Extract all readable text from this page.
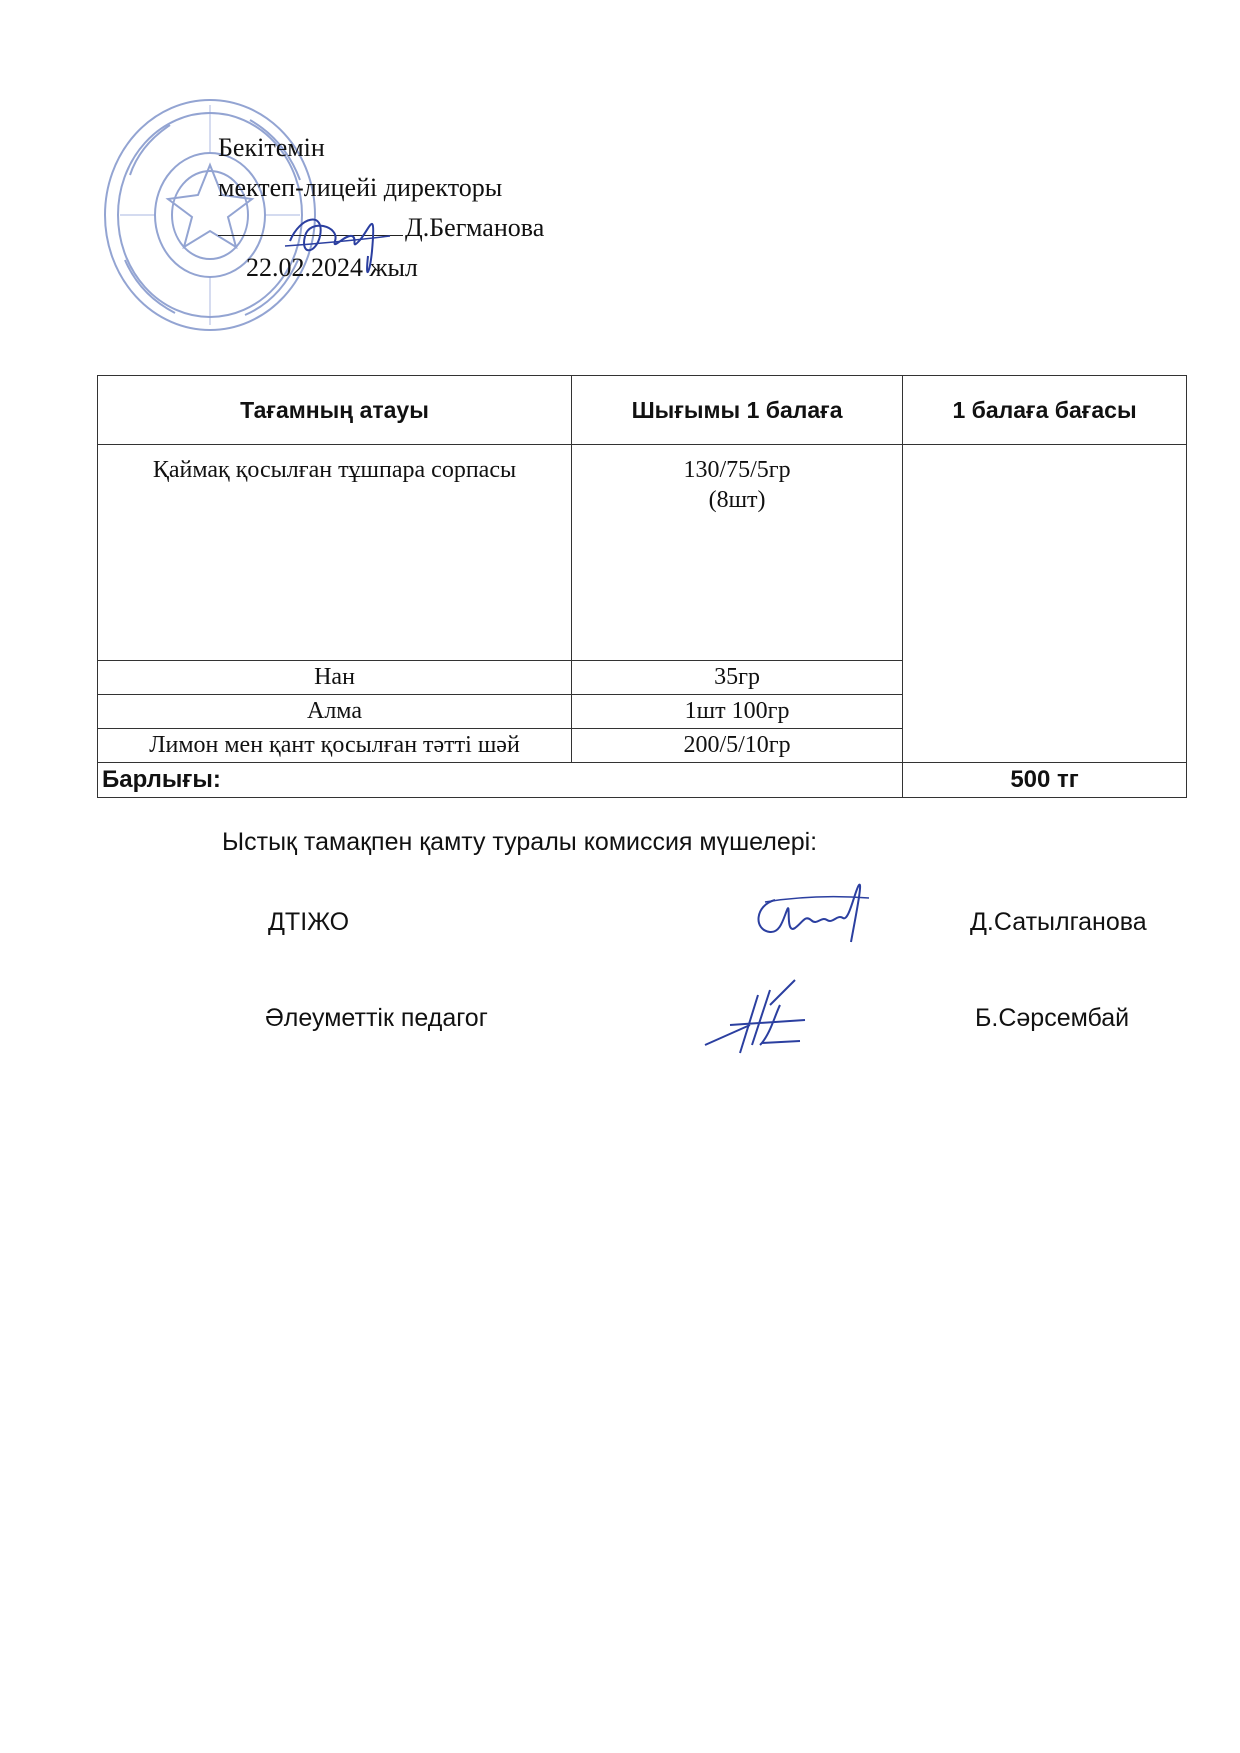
Бекітемін
мектеп-лицейі директоры
Д.Бегманова
22.02.2024 жыл
Тағамның атауы	Шығымы 1 балаға	1 балаға бағасы
Қаймақ қосылған тұшпара сорпасы	130/75/5гр
(8шт)	

Нан	35гр	
Алма	1шт 100гр	
Лимон мен қант қосылған тәтті шәй	200/5/10гр	
Барлығы:		500 тг
Ыстық тамақпен қамту туралы комиссия мүшелері:
ДТІЖО	Д.Сатылганова
Әлеуметтік педагог	Б.Сәрсембай
